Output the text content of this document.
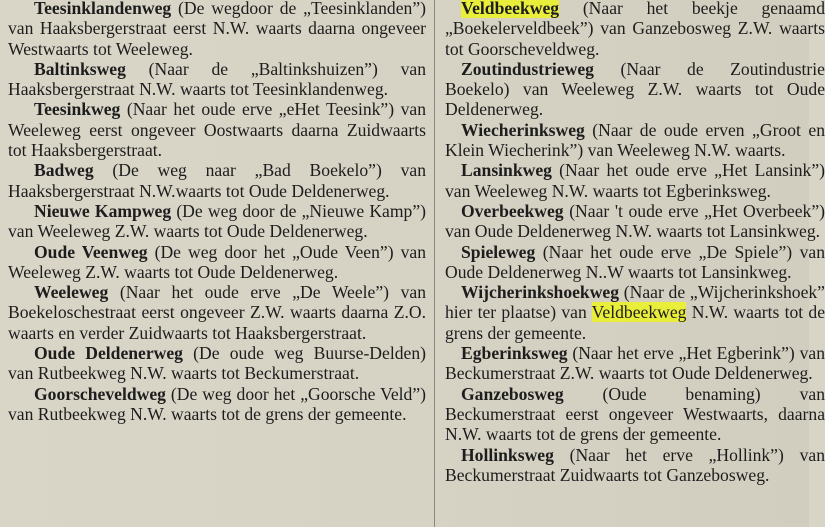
Teesinklandenweg (De wegdoor de „Teesinklanden”) van Haaksbergerstraat eerst N.W. waarts daarna ongeveer Westwaarts tot Weeleweg.

Baltinksweg (Naar de „Baltinkshuizen”) van Haaksbergerstraat N.W. waarts tot Teesinklandenweg.

Teesinkweg (Naar het oude erve „eHet Teesink”) van Weeleweg eerst ongeveer Oostwaarts daarna Zuidwaarts tot Haaksbergerstraat.

Badweg (De weg naar „Bad Boekelo”) van Haaksbergerstraat N.W.waarts tot Oude Deldenerweg.

Nieuwe Kampweg (De weg door de „Nieuwe Kamp”) van Weeleweg Z.W. waarts tot Oude Deldenerweg.

Oude Veenweg (De weg door het „Oude Veen”) van Weeleweg Z.W. waarts tot Oude Deldenerweg.

Weeleweg (Naar het oude erve „De Weele”) van Boekeloschestraat eerst ongeveer Z.W. waarts daarna Z.O. waarts en verder Zuidwaarts tot Haaksbergerstraat.

Oude Deldenerweg (De oude weg Buurse-Delden) van Rutbeekweg N.W. waarts tot Beckumerstraat.

Goorscheveldweg (De weg door het „Goorsche Veld”) van Rutbeekweg N.W. waarts tot de grens der gemeente.

Veldbeekweg (Naar het beekje genaamd „Boekelerveldbeek”) van Ganzebosweg Z.W. waarts tot Goorscheveldweg.

Zoutindustrieweg (Naar de Zoutindustrie Boekelo) van Weeleweg Z.W. waarts tot Oude Deldenerweg.

Wiecherinksweg (Naar de oude erven „Groot en Klein Wiecherink”) van Weeleweg N.W. waarts.

Lansinkweg (Naar het oude erve „Het Lansink”) van Weeleweg N.W. waarts tot Egberinksweg.

Overbeekweg (Naar 't oude erve „Het Overbeek”) van Oude Deldenerweg N.W. waarts tot Lansinkweg.

Spieleweg (Naar het oude erve „De Spiele”) van Oude Deldenerweg N..W waarts tot Lansinkweg.

Wijcherinkshoekweg (Naar de „Wijcherinkshoek” hier ter plaatse) van Veldbeekweg N.W. waarts tot de grens der gemeente.

Egberinksweg (Naar het erve „Het Egberink”) van Beckumerstraat Z.W. waarts tot Oude Deldenerweg.

Ganzebosweg (Oude benaming) van Beckumerstraat eerst ongeveer Westwaarts, daarna N.W. waarts tot de grens der gemeente.

Hollinksweg (Naar het erve „Hollink”) van Beckumerstraat Zuidwaarts tot Ganzebosweg.
